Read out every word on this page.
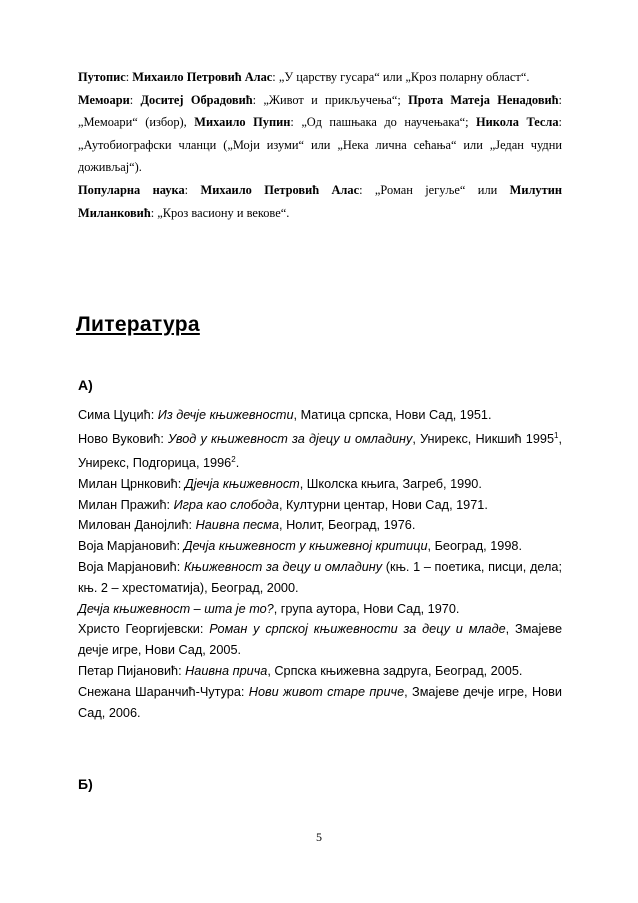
Путопис: Михаило Петровић Алас: „У царству гусара“ или „Кроз поларну област“.

Мемоари: Доситеј Обрадовић: „Живот и прикључења“; Прота Матеја Ненадовић: „Мемоари“ (избор), Михаило Пупин: „Од пашњака до научењака“; Никола Тесла: „Аутобиографски чланци („Моји изуми“ или „Нека лична сећања“ или „Један чудни доживљај“).

Популарна наука: Михаило Петровић Алас: „Роман јегуље“ или Милутин Миланковић: „Кроз васиону и векове“.

Литература
А)

Сима Цуцић: Из дечје књижевности, Матица српска, Нови Сад, 1951.

Ново Вуковић: Увод у књижевност за дјецу и омладину, Унирекс, Никшић 1995$^1$, Унирекс, Подгорица, 1996$^2$.

Милан Црнковић: Дјечја књижевност, Школска књига, Загреб, 1990.

Милан Пражић: Игра као слобода, Културни центар, Нови Сад, 1971.

Милован Данојлић: Наивна песма, Нолит, Београд, 1976.

Воја Марјановић: Дечја књижевност у књижевној критици, Београд, 1998.

Воја Марјановић: Књижевност за децу и омладину (књ. 1 – поетика, писци, дела; књ. 2 – хрестоматија), Београд, 2000.

Дечја књижевност – шта је то?, група аутора, Нови Сад, 1970.

Христо Георгијевски: Роман у српској књижевности за децу и младе, Змајеве дечје игре, Нови Сад, 2005.

Петар Пијановић: Наивна прича, Српска књижевна задруга, Београд, 2005.

Снежана Шаранчић-Чутура: Нови живот старе приче, Змајеве дечје игре, Нови Сад, 2006.

Б)
5
